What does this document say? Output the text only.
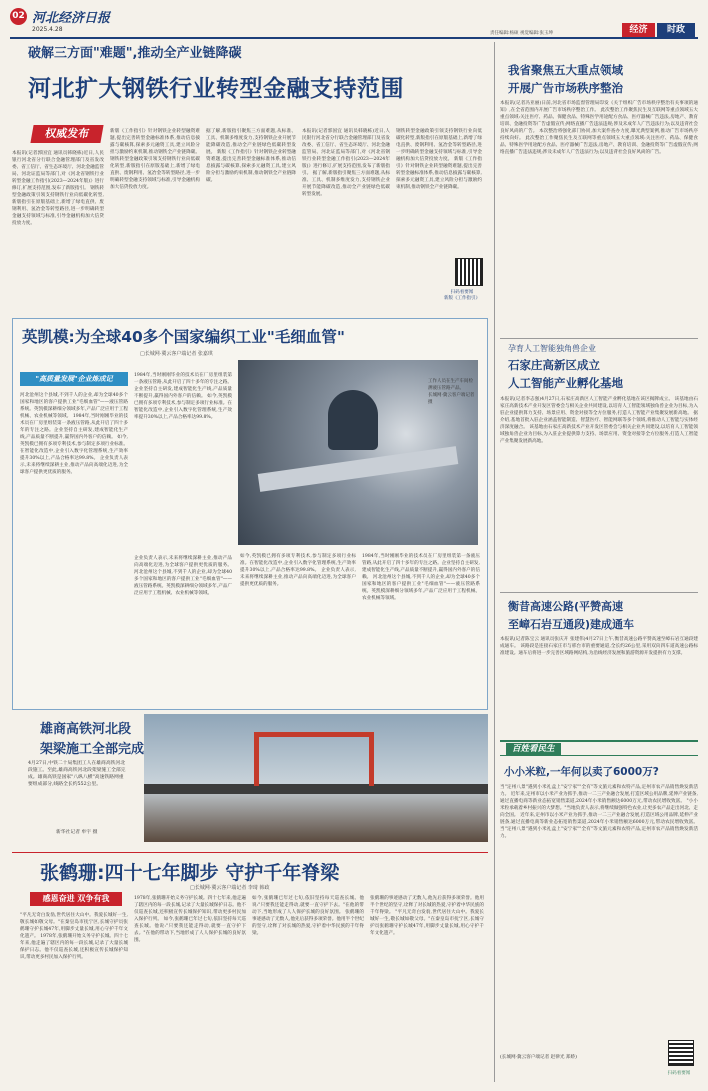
02 河北经济日报
2025.4.28
责任编辑:杨硕 视觉编辑:张玉坤	经济	时政
破解三方面"难题",推动全产业链降碳
河北扩大钢铁行业转型金融支持范围
权威发布
本报讯(记者郭国宜 通讯员韩晓栋)近日,人民银行河北省分行联合金融管理部门及省发改委、省工信厅、省生态环境厅、河北金融监管局、河北证监局等部门,对《河北省钢铁行业转型金融工作指引(2023—2024年版)》进行修订,扩展支持范围,发布了新版指引。 钢铁转型金融政策引领支持钢铁行业向低碳化转型,新版指引在原版基础上,新增了绿电直供、废钢利用、氢冶金等转型路径,进一步明确转型金融支持领域与标准,引导金融机构加大信贷投放力度。
新版《工作指引》针对钢铁企业转型融资难题,提出完善转型金融标准体系,推动信息披露与碳核算,探索多元融资工具,建立风险分担与激励约束机制,推动钢铁全产业链降碳。 钢铁转型金融政策引领支持钢铁行业向低碳化转型,新版指引在原版基础上,新增了绿电直供、废钢利用、氢冶金等转型路径,进一步明确转型金融支持领域与标准,引导金融机构加大信贷投放力度。
据了解,新版指引聚焦三方面难题,从标准、工具、机制多维度发力,支持钢铁企业开展节能降碳改造,推动全产业链绿色低碳转型发展。 新版《工作指引》针对钢铁企业转型融资难题,提出完善转型金融标准体系,推动信息披露与碳核算,探索多元融资工具,建立风险分担与激励约束机制,推动钢铁全产业链降碳。
本报讯(记者郭国宜 通讯员韩晓栋)近日,人民银行河北省分行联合金融管理部门及省发改委、省工信厅、省生态环境厅、河北金融监管局、河北证监局等部门,对《河北省钢铁行业转型金融工作指引(2023—2024年版)》进行修订,扩展支持范围,发布了新版指引。 据了解,新版指引聚焦三方面难题,从标准、工具、机制多维度发力,支持钢铁企业开展节能降碳改造,推动全产业链绿色低碳转型发展。
钢铁转型金融政策引领支持钢铁行业向低碳化转型,新版指引在原版基础上,新增了绿电直供、废钢利用、氢冶金等转型路径,进一步明确转型金融支持领域与标准,引导金融机构加大信贷投放力度。 新版《工作指引》针对钢铁企业转型融资难题,提出完善转型金融标准体系,推动信息披露与碳核算,探索多元融资工具,建立风险分担与激励约束机制,推动钢铁全产业链降碳。
扫码看要闻
新版《工作指引》
英凯模:为全球40多个国家编织工业"毛细血管"
□长城网·冀云客户端记者 张嘉琪
"高质量发展"企业炼成记
河北沧州这个县城,不到千人的企业,却为全球40多个国家和地区的客户提供工业"毛细血管"——液压管路系统。英凯模深耕细分领域多年,产品广泛应用于工程机械、农业机械等领域。 1984年,当时刚刚毕业的技术员在厂房里组装第一条液压管路,从此开启了四十多年的专注之路。企业坚持自主研发,建成智能化生产线,产品质量不断提升,赢得国内外客户的信赖。 如今,英凯模已拥有多项专利技术,参与制定多项行业标准。在智能化改造中,企业引入数字化管理系统,生产效率提升30%以上,产品合格率达99.8%。 企业负责人表示,未来将继续深耕主业,推动产品向高端化迈进,为全球客户提供更优质的服务。
1984年,当时刚刚毕业的技术员在厂房里组装第一条液压管路,从此开启了四十多年的专注之路。企业坚持自主研发,建成智能化生产线,产品质量不断提升,赢得国内外客户的信赖。 如今,英凯模已拥有多项专利技术,参与制定多项行业标准。在智能化改造中,企业引入数字化管理系统,生产效率提升30%以上,产品合格率达99.8%。
工作人员在生产车间检测液压管路产品。
长城网·冀云客户端记者 摄
企业负责人表示,未来将继续深耕主业,推动产品向高端化迈进,为全球客户提供更优质的服务。 河北沧州这个县城,不到千人的企业,却为全球40多个国家和地区的客户提供工业"毛细血管"——液压管路系统。英凯模深耕细分领域多年,产品广泛应用于工程机械、农业机械等领域。
如今,英凯模已拥有多项专利技术,参与制定多项行业标准。在智能化改造中,企业引入数字化管理系统,生产效率提升30%以上,产品合格率达99.8%。 企业负责人表示,未来将继续深耕主业,推动产品向高端化迈进,为全球客户提供更优质的服务。
1984年,当时刚刚毕业的技术员在厂房里组装第一条液压管路,从此开启了四十多年的专注之路。企业坚持自主研发,建成智能化生产线,产品质量不断提升,赢得国内外客户的信赖。 河北沧州这个县城,不到千人的企业,却为全球40多个国家和地区的客户提供工业"毛细血管"——液压管路系统。英凯模深耕细分领域多年,产品广泛应用于工程机械、农业机械等领域。
雄商高铁河北段
架梁施工全部完成
4月27日,中铁二十局集团工人在雄商高铁河北段施工。至此,雄商高铁河北段架梁施工全部完成。雄商高铁是国家"八纵八横"高速铁路网重要组成部分,线路全长约552公里。
新华社记者 牟宇 摄
张鹤珊:四十七年脚步 守护千年脊梁
□长城网·冀云客户端记者 李琦 韩政
感恩奋进 双争有我
"平凡无奇白发翁,世代居住大山中。我爱长城好一生,敬长城如敬父母。"在秦皇岛市抚宁区,长城守护员张鹤珊守护长城47年,用脚步丈量长城,用心守护千年文化遗产。 1978年,张鹤珊开始义务守护长城。四十七年来,他走遍了辖区内的每一段长城,记录了大量长城保护日志。他不仅巡查长城,还积极宣传长城保护知识,带动更多村民加入保护行列。
1978年,张鹤珊开始义务守护长城。四十七年来,他走遍了辖区内的每一段长城,记录了大量长城保护日志。他不仅巡查长城,还积极宣传长城保护知识,带动更多村民加入保护行列。 如今,张鹤珊已年过七旬,依旧坚持每天巡查长城。他说:"只要我还能走得动,就要一直守护下去。"在他的带动下,当地形成了人人保护长城的良好氛围。
如今,张鹤珊已年过七旬,依旧坚持每天巡查长城。他说:"只要我还能走得动,就要一直守护下去。"在他的带动下,当地形成了人人保护长城的良好氛围。 张鹤珊的事迹感动了无数人,他先后获得多项荣誉。他用半个世纪的坚守,诠释了对长城的热爱,守护着中华民族的千年脊梁。
张鹤珊的事迹感动了无数人,他先后获得多项荣誉。他用半个世纪的坚守,诠释了对长城的热爱,守护着中华民族的千年脊梁。 "平凡无奇白发翁,世代居住大山中。我爱长城好一生,敬长城如敬父母。"在秦皇岛市抚宁区,长城守护员张鹤珊守护长城47年,用脚步丈量长城,用心守护千年文化遗产。
我省聚焦五大重点领域
开展广告市场秩序整治
本报讯(记者冯亚丽)日前,河北省市场监督管理局印发《关于组织广告市场秩序整治有关事项的通知》,在全省范围内开展广告市场秩序整治工作。 此次整治工作聚焦民生及互联网等重点领域五大重点领域:关注医疗、药品、保健食品、特殊医学用途配方食品、医疗器械广告违法,房地产、教育培训、金融投资等广告虚假宣传;网络直播广告违法违规;涉及未成年人广告违法行为;以及违背社会良好风尚的广告。 本次整治将强化部门协同,加大案件查办力度,曝光典型案例,推动广告市场秩序持续向好。 此次整治工作聚焦民生及互联网等重点领域五大重点领域:关注医疗、药品、保健食品、特殊医学用途配方食品、医疗器械广告违法,房地产、教育培训、金融投资等广告虚假宣传;网络直播广告违法违规;涉及未成年人广告违法行为;以及违背社会良好风尚的广告。
孕育人工智能独角兽企业
石家庄高新区成立
人工智能产业孵化基地
本报讯(记者李志强)4月27日,石家庄高新区人工智能产业孵化基地在该区揭牌成立。 该基地由石家庄高新技术产业开发区管委会与相关企业共同建设,以培育人工智能领域独角兽企业为目标,为入驻企业提供算力支持、场景应用、资金对接等全方位服务,打造人工智能产业集聚发展新高地。 据介绍,基地首批入驻企业涵盖智能制造、智慧医疗、智能网联等多个领域,将推动人工智能与实体经济深度融合。 该基地由石家庄高新技术产业开发区管委会与相关企业共同建设,以培育人工智能领域独角兽企业为目标,为入驻企业提供算力支持、场景应用、资金对接等全方位服务,打造人工智能产业集聚发展新高地。
衡昔高速公路(平赞高速
至嶂石岩互通段)建成通车
本报讯(记者陈宝云 通讯员张庆开 张建伟)4月27日上午,衡昔高速公路平赞高速至嶂石岩互通段建成通车。 该路段是连接石家庄市与邢台市的重要通道,全长约26公里,采用双向四车道高速公路标准建设。通车后将进一步完善区域路网结构,为沿线经济发展和旅游资源开发提供有力支撑。
百姓看民生
小小米粒,一年何以卖了6000万?
当"定州八景"遇到小米礼盒上"安宁家""全有"等文旅元素和农特产品,定州市农产品销售焕发新活力。 近年来,定州市以小米产业为抓手,推动一二三产业融合发展,打造区域公用品牌,延伸产业链条,通过直播电商等新业态拓宽销售渠道,2024年小米销售额达6000万元,带动农民增收致富。 "小小米粒承载着乡村振兴的大梦想。"当地负责人表示,将继续做强特色农业,让更多农产品走出河北、走向全国。 近年来,定州市以小米产业为抓手,推动一二三产业融合发展,打造区域公用品牌,延伸产业链条,通过直播电商等新业态拓宽销售渠道,2024年小米销售额达6000万元,带动农民增收致富。 当"定州八景"遇到小米礼盒上"安宁家""全有"等文旅元素和农特产品,定州市农产品销售焕发新活力。
(长城网·冀云客户端记者 赵律光 郑娇)
扫码看要闻
